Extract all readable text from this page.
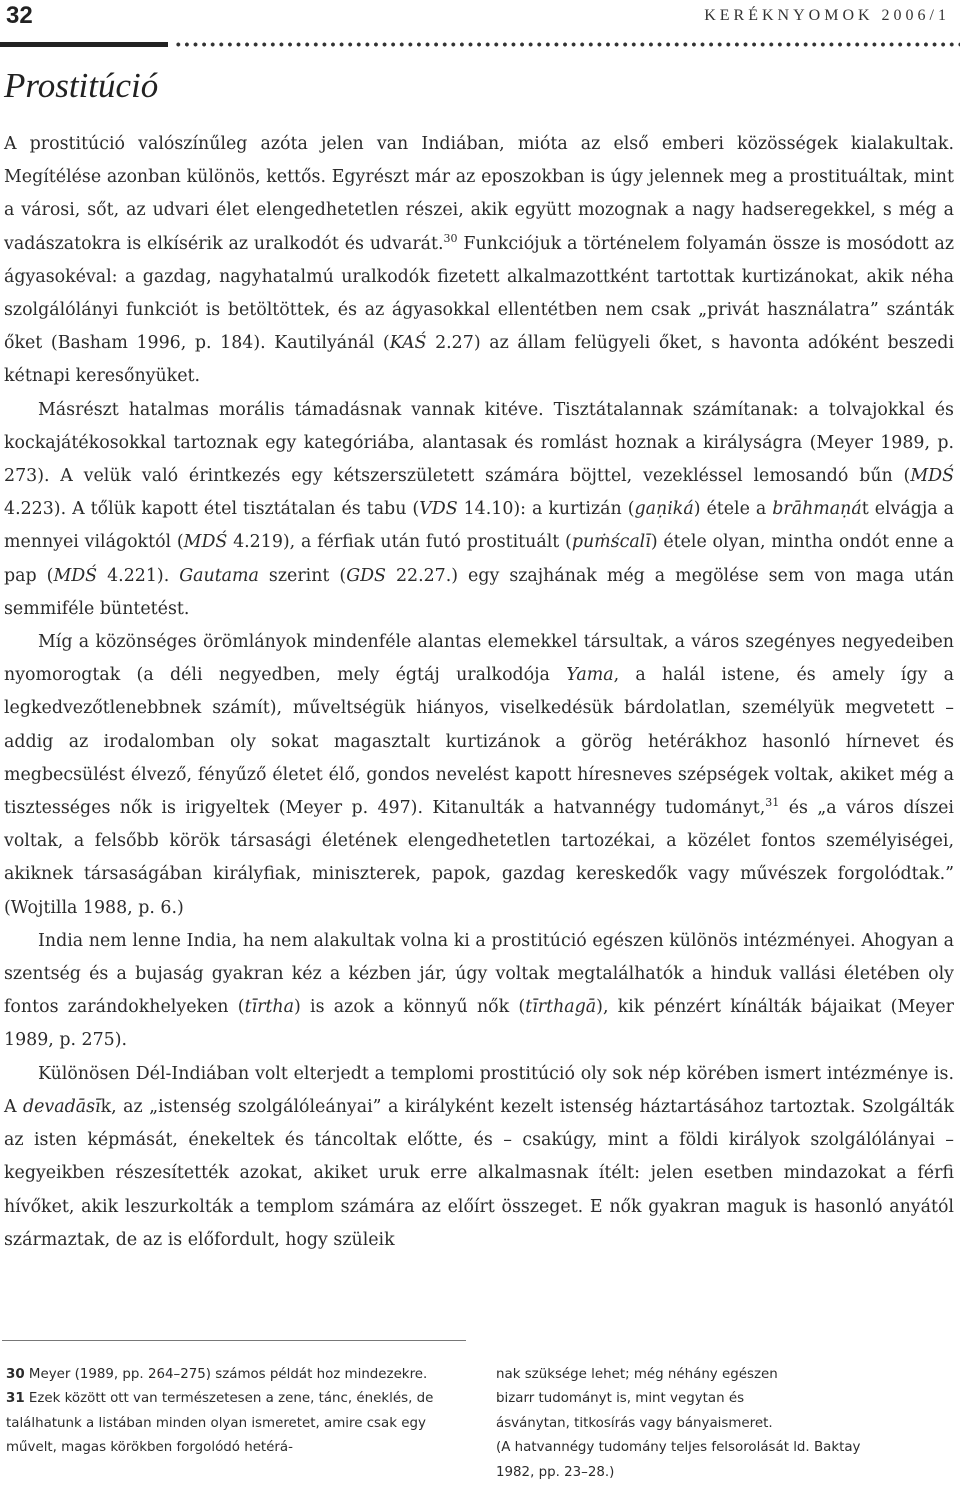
32	KERÉKNYOMOK 2006/1
Prostitúció

A prostitúció valószínűleg azóta jelen van Indiában, mióta az első emberi közösségek kialakultak. Megítélése azonban különös, kettős. Egyrészt már az eposzokban is úgy jelennek meg a prostituáltak, mint a városi, sőt, az udvari élet elengedhetetlen részei, akik együtt mozognak a nagy hadseregekkel, s még a vadászatokra is elkísérik az uralkodót és udvarát.$^{30}$ Funkciójuk a történelem folyamán össze is mosódott az ágyasokéval: a gazdag, nagyhatalmú uralkodók fizetett alkalmazottként tartottak kurtizánokat, akik néha szolgálólányi funkciót is betöltöttek, és az ágyasokkal ellentétben nem csak „privát használatra” szánták őket (Basham 1996, p. 184). Kautilyánál (KAŚ 2.27) az állam felügyeli őket, s havonta adóként beszedi kétnapi keresőnyüket.

Másrészt hatalmas morális támadásnak vannak kitéve. Tisztátalannak számítanak: a tolvajokkal és kockajátékosokkal tartoznak egy kategóriába, alantasak és romlást hoznak a királyságra (Meyer 1989, p. 273). A velük való érintkezés egy kétszerszületett számára böjttel, vezekléssel lemosandó bűn (MDŚ 4.223). A tőlük kapott étel tisztátalan és tabu (VDS 14.10): a kurtizán (gaṇiká) étele a brāhmaṇát elvágja a mennyei világoktól (MDŚ 4.219), a férfiak után futó prostituált (puṁścalī) étele olyan, mintha ondót enne a pap (MDŚ 4.221). Gautama szerint (GDS 22.27.) egy szajhának még a megölése sem von maga után semmiféle büntetést.

Míg a közönséges örömlányok mindenféle alantas elemekkel társultak, a város szegényes negyedeiben nyomorogtak (a déli negyedben, mely égtáj uralkodója Yama, a halál istene, és amely így a legkedvezőtlenebbnek számít), műveltségük hiányos, viselkedésük bárdolatlan, személyük megvetett – addig az irodalomban oly sokat magasztalt kurtizánok a görög hetérákhoz hasonló hírnevet és megbecsülést élvező, fényűző életet élő, gondos nevelést kapott híresneves szépségek voltak, akiket még a tisztességes nők is irigyeltek (Meyer p. 497). Kitanulták a hatvannégy tudományt,$^{31}$ és „a város díszei voltak, a felsőbb körök társasági életének elengedhetetlen tartozékai, a közélet fontos személyiségei, akiknek társaságában királyfiak, miniszterek, papok, gazdag kereskedők vagy művészek forgolódtak.” (Wojtilla 1988, p. 6.)

India nem lenne India, ha nem alakultak volna ki a prostitúció egészen különös intézményei. Ahogyan a szentség és a bujaság gyakran kéz a kézben jár, úgy voltak megtalálhatók a hinduk vallási életében oly fontos zarándokhelyeken (tīrtha) is azok a könnyű nők (tīrthagā), kik pénzért kínálták bájaikat (Meyer 1989, p. 275).

Különösen Dél-Indiában volt elterjedt a templomi prostitúció oly sok nép körében ismert intézménye is. A devadāsīk, az „istenség szolgálóleányai” a királyként kezelt istenség háztartásához tartoztak. Szolgálták az isten képmását, énekeltek és táncoltak előtte, és – csakúgy, mint a földi királyok szolgálólányai – kegyeikben részesítették azokat, akiket uruk erre alkalmasnak ítélt: jelen esetben mindazokat a férfi hívőket, akik leszurkolták a templom számára az előírt összeget. E nők gyakran maguk is hasonló anyától származtak, de az is előfordult, hogy szüleik

30 Meyer (1989, pp. 264–275) számos példát hoz mindezekre.

31 Ezek között ott van természetesen a zene, tánc, éneklés, de találhatunk a listában minden olyan ismeretet, amire csak egy művelt, magas körökben forgolódó hetérá-

nak szüksége lehet; még néhány egészen

bizarr tudományt is, mint vegytan és

ásványtan, titkosírás vagy bányaismeret.

(A hatvannégy tudomány teljes felsorolását ld. Baktay

1982, pp. 23–28.)
